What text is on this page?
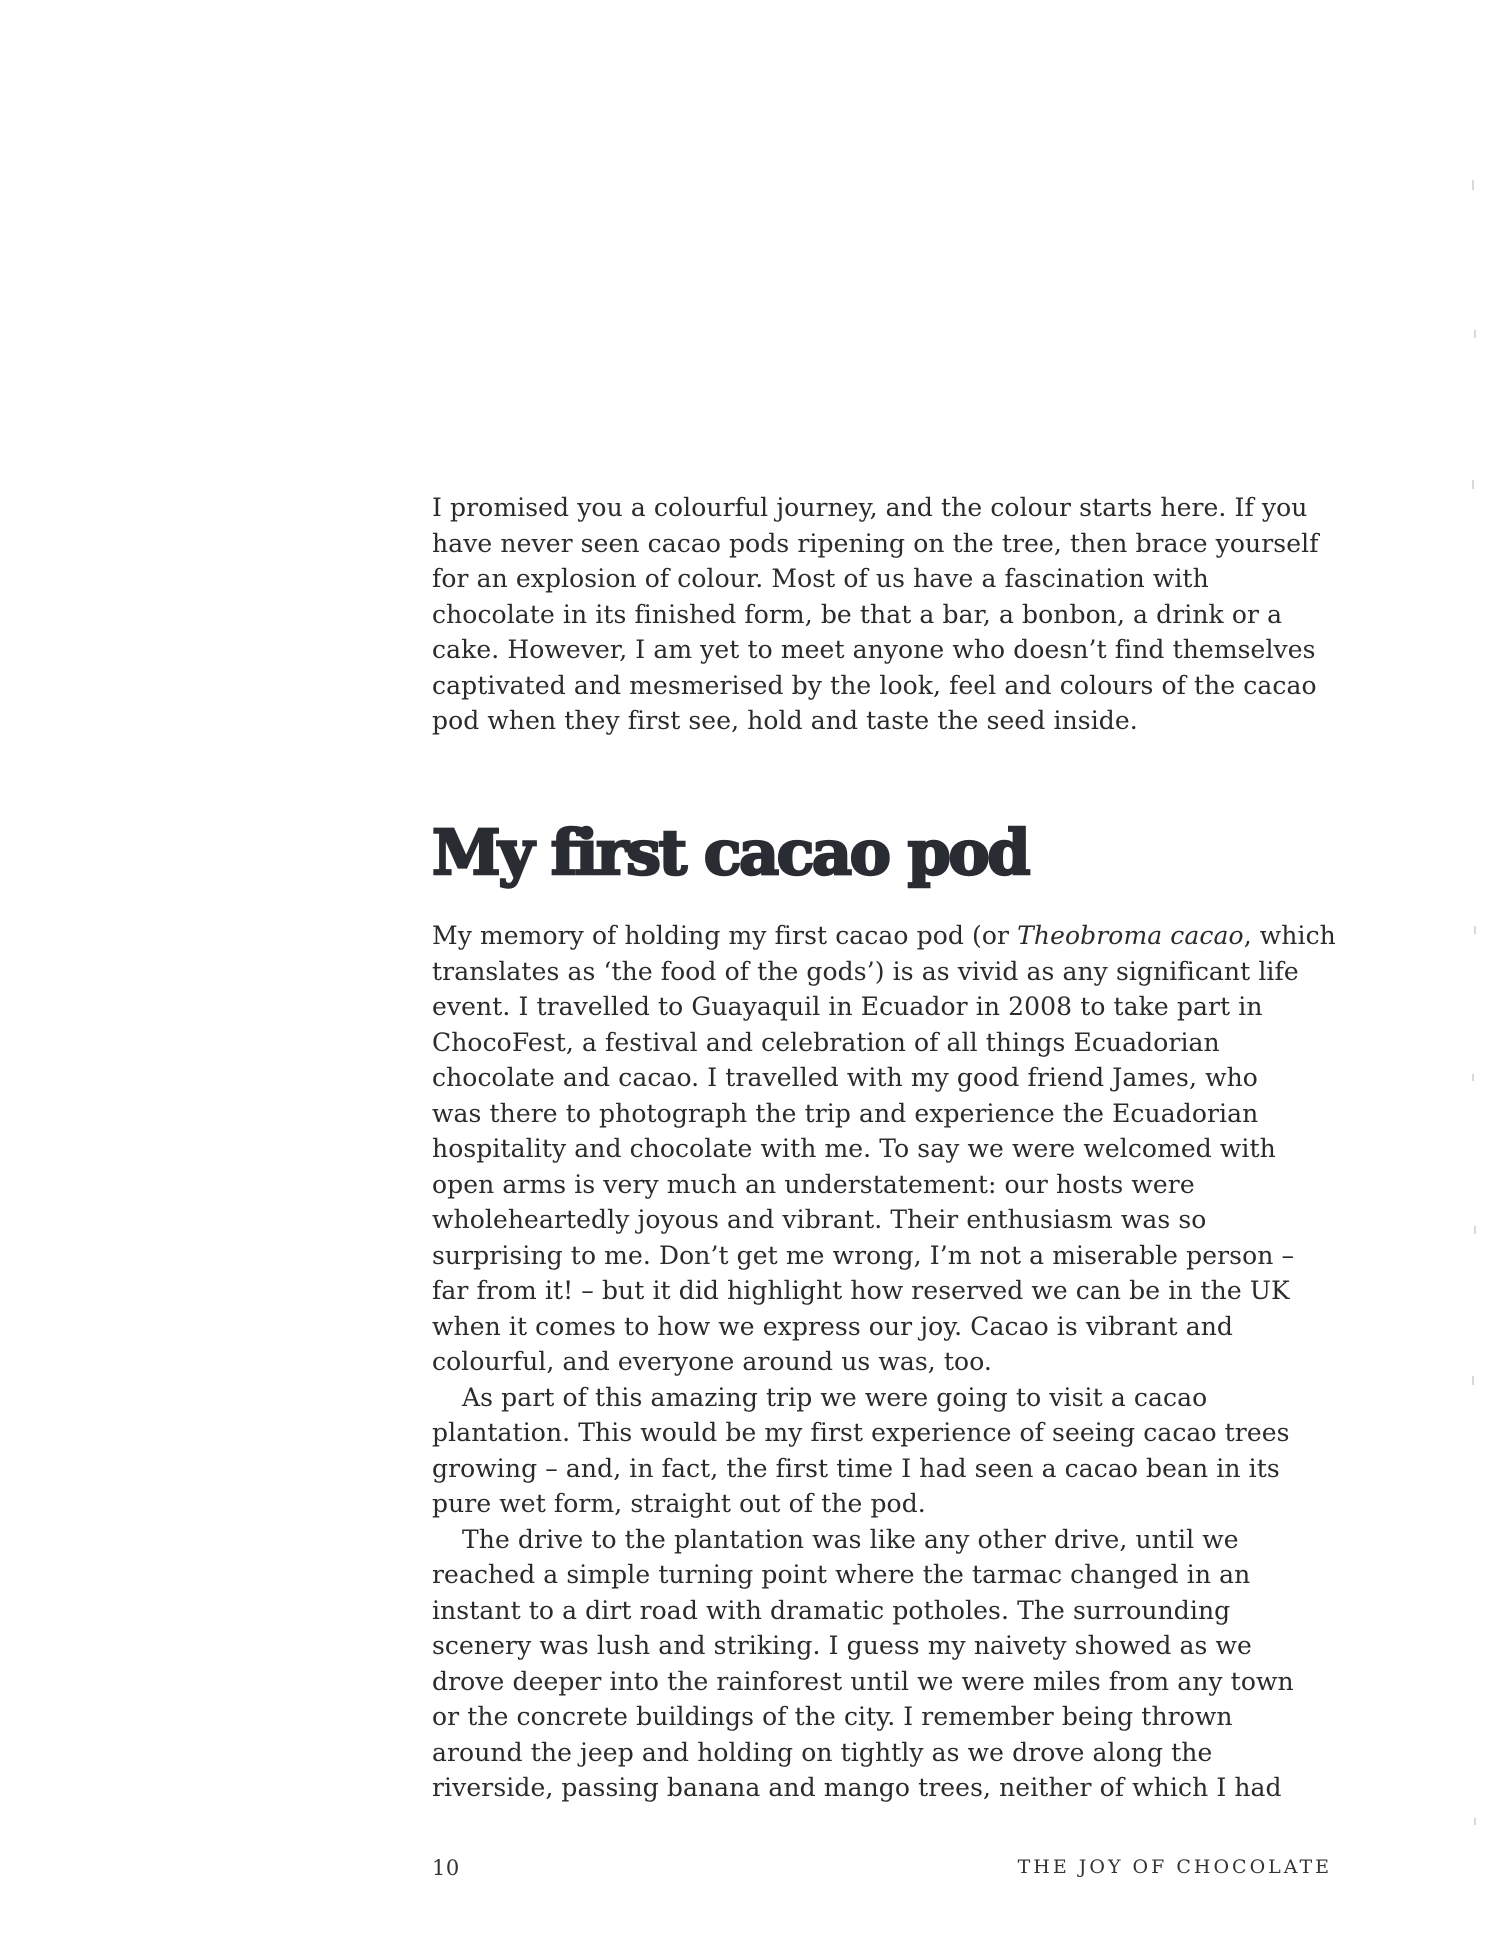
I promised you a colourful journey, and the colour starts here. If you
have never seen cacao pods ripening on the tree, then brace yourself
for an explosion of colour. Most of us have a fascination with
chocolate in its finished form, be that a bar, a bonbon, a drink or a
cake. However, I am yet to meet anyone who doesn’t find themselves
captivated and mesmerised by the look, feel and colours of the cacao
pod when they first see, hold and taste the seed inside.

My first cacao pod

My memory of holding my first cacao pod (or Theobroma cacao, which
translates as ‘the food of the gods’) is as vivid as any significant life
event. I travelled to Guayaquil in Ecuador in 2008 to take part in
ChocoFest, a festival and celebration of all things Ecuadorian
chocolate and cacao. I travelled with my good friend James, who
was there to photograph the trip and experience the Ecuadorian
hospitality and chocolate with me. To say we were welcomed with
open arms is very much an understatement: our hosts were
wholeheartedly joyous and vibrant. Their enthusiasm was so
surprising to me. Don’t get me wrong, I’m not a miserable person –
far from it! – but it did highlight how reserved we can be in the UK
when it comes to how we express our joy. Cacao is vibrant and
colourful, and everyone around us was, too.

As part of this amazing trip we were going to visit a cacao
plantation. This would be my first experience of seeing cacao trees
growing – and, in fact, the first time I had seen a cacao bean in its
pure wet form, straight out of the pod.

The drive to the plantation was like any other drive, until we
reached a simple turning point where the tarmac changed in an
instant to a dirt road with dramatic potholes. The surrounding
scenery was lush and striking. I guess my naivety showed as we
drove deeper into the rainforest until we were miles from any town
or the concrete buildings of the city. I remember being thrown
around the jeep and holding on tightly as we drove along the
riverside, passing banana and mango trees, neither of which I had

10	THE JOY OF CHOCOLATE
